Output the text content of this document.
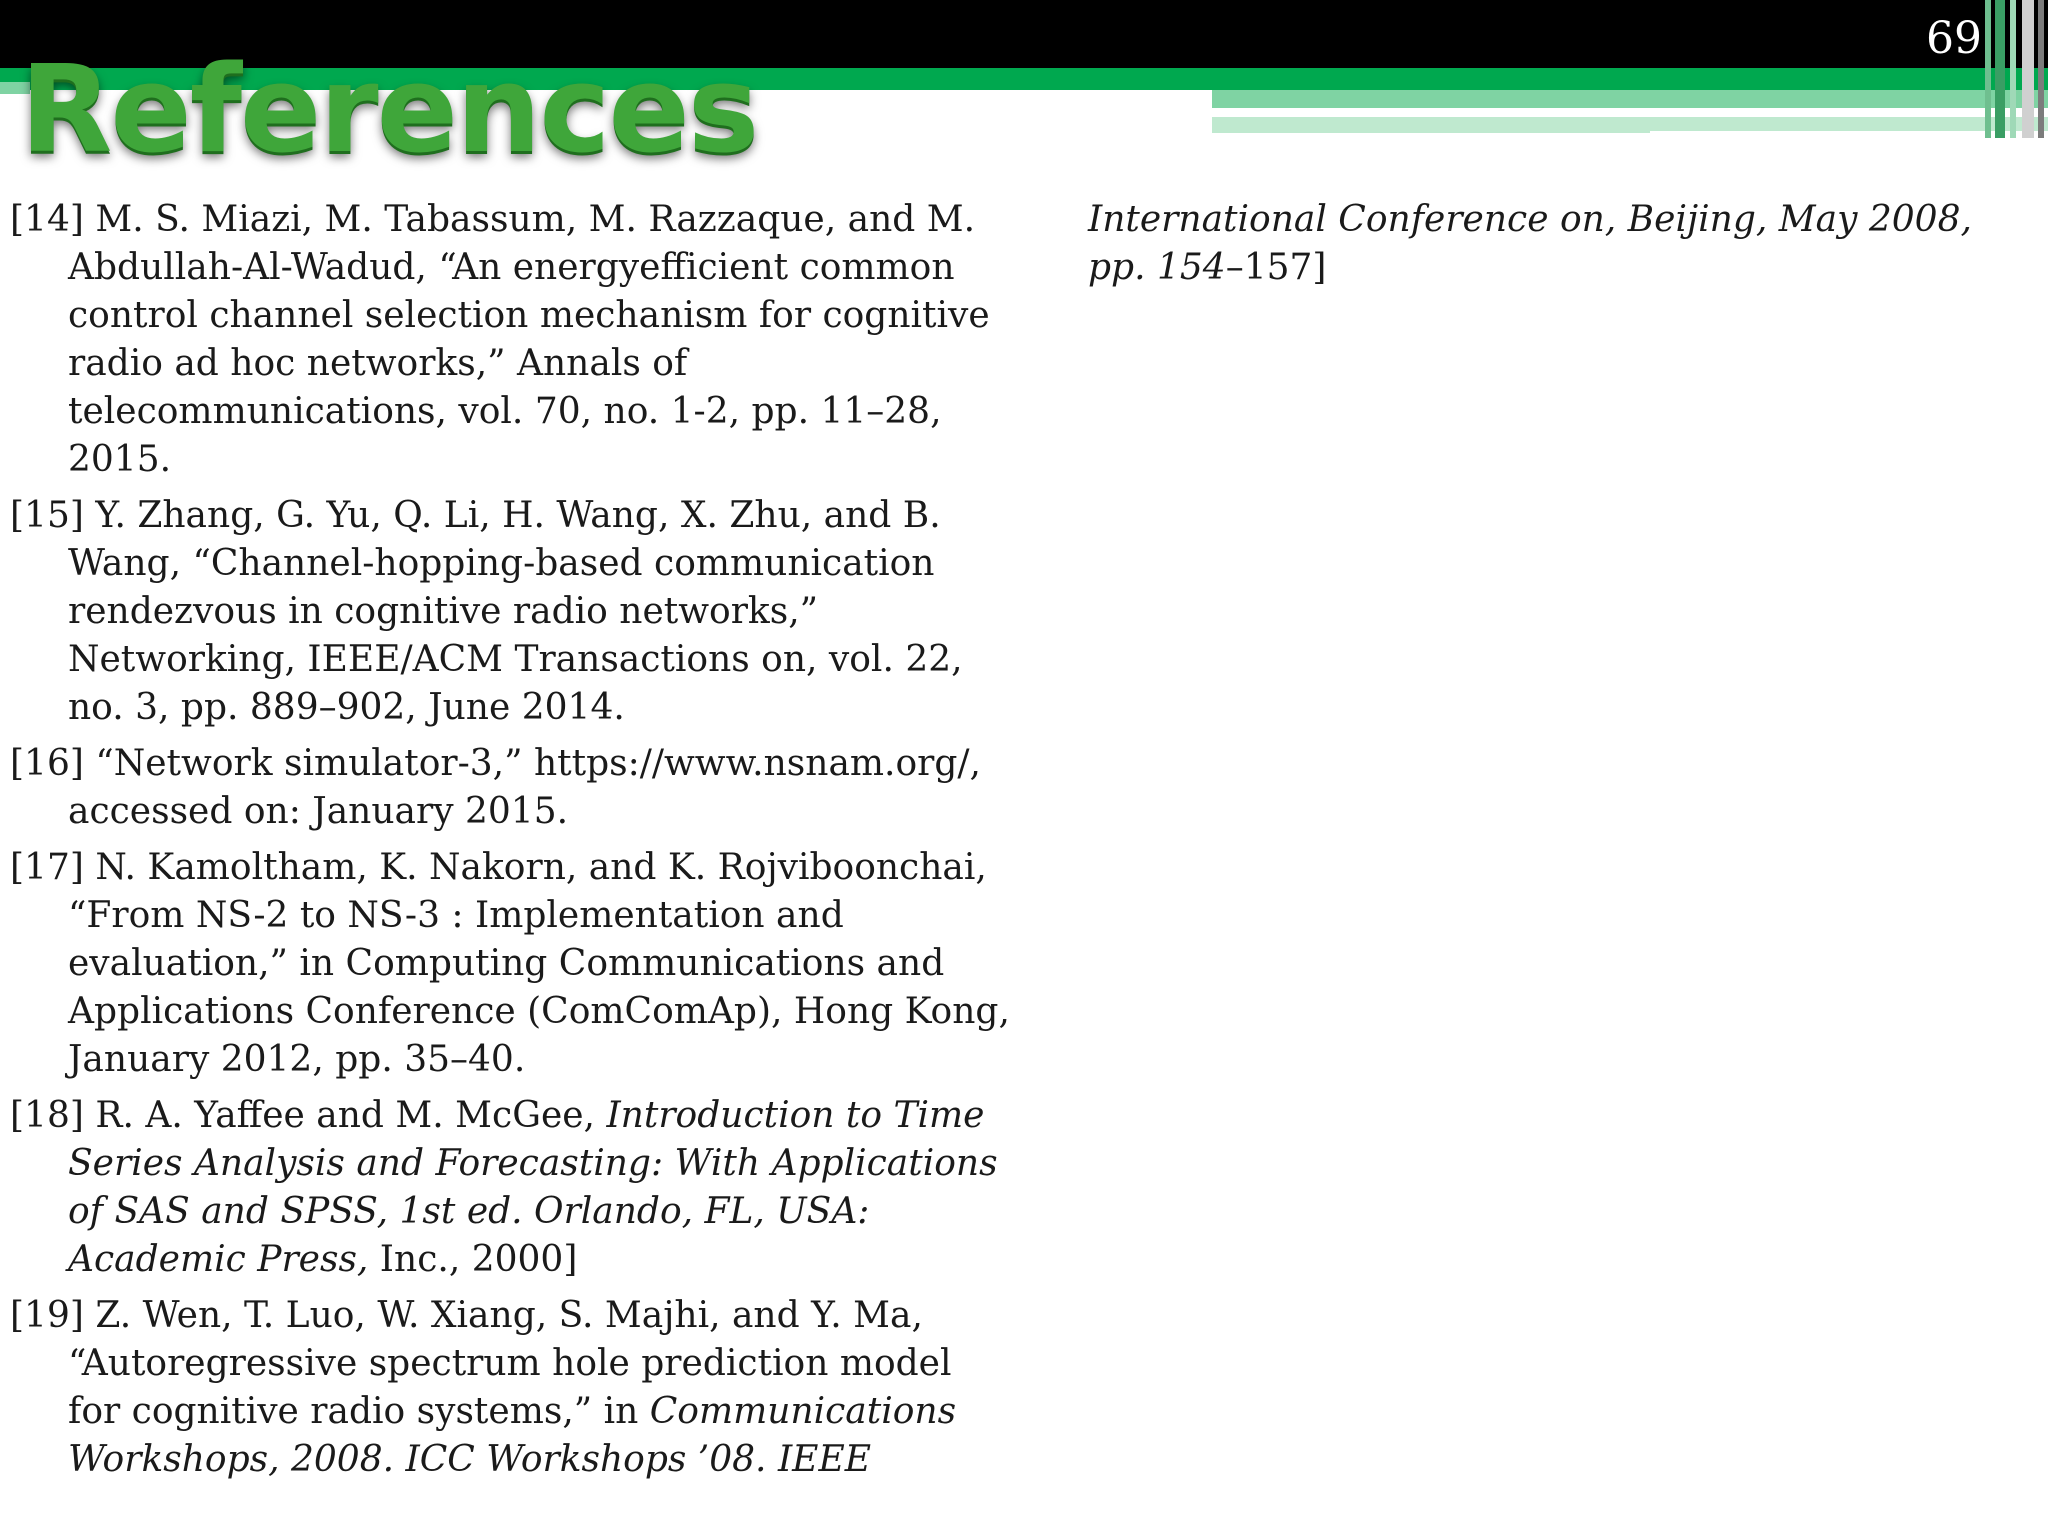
69
References

[14] M. S. Miazi, M. Tabassum, M. Razzaque, and M. Abdullah-Al-Wadud, “An energyefficient common control channel selection mechanism for cognitive radio ad hoc networks,” Annals of telecommunications, vol. 70, no. 1-2, pp. 11–28, 2015.

[15] Y. Zhang, G. Yu, Q. Li, H. Wang, X. Zhu, and B. Wang, “Channel-hopping-based communication rendezvous in cognitive radio networks,” Networking, IEEE/ACM Transactions on, vol. 22, no. 3, pp. 889–902, June 2014.

[16] “Network simulator-3,” https://www.nsnam.org/, accessed on: January 2015.

[17] N. Kamoltham, K. Nakorn, and K. Rojviboonchai, “From NS-2 to NS-3 : Implementation and evaluation,” in Computing Communications and Applications Conference (ComComAp), Hong Kong, January 2012, pp. 35–40.

[18] R. A. Yaffee and M. McGee, Introduction to Time Series Analysis and Forecasting: With Applications of SAS and SPSS, 1st ed. Orlando, FL, USA: Academic Press, Inc., 2000]

[19] Z. Wen, T. Luo, W. Xiang, S. Majhi, and Y. Ma, “Autoregressive spectrum hole prediction model for cognitive radio systems,” in Communications Workshops, 2008. ICC Workshops ’08. IEEE

International Conference on, Beijing, May 2008, pp. 154–157]
